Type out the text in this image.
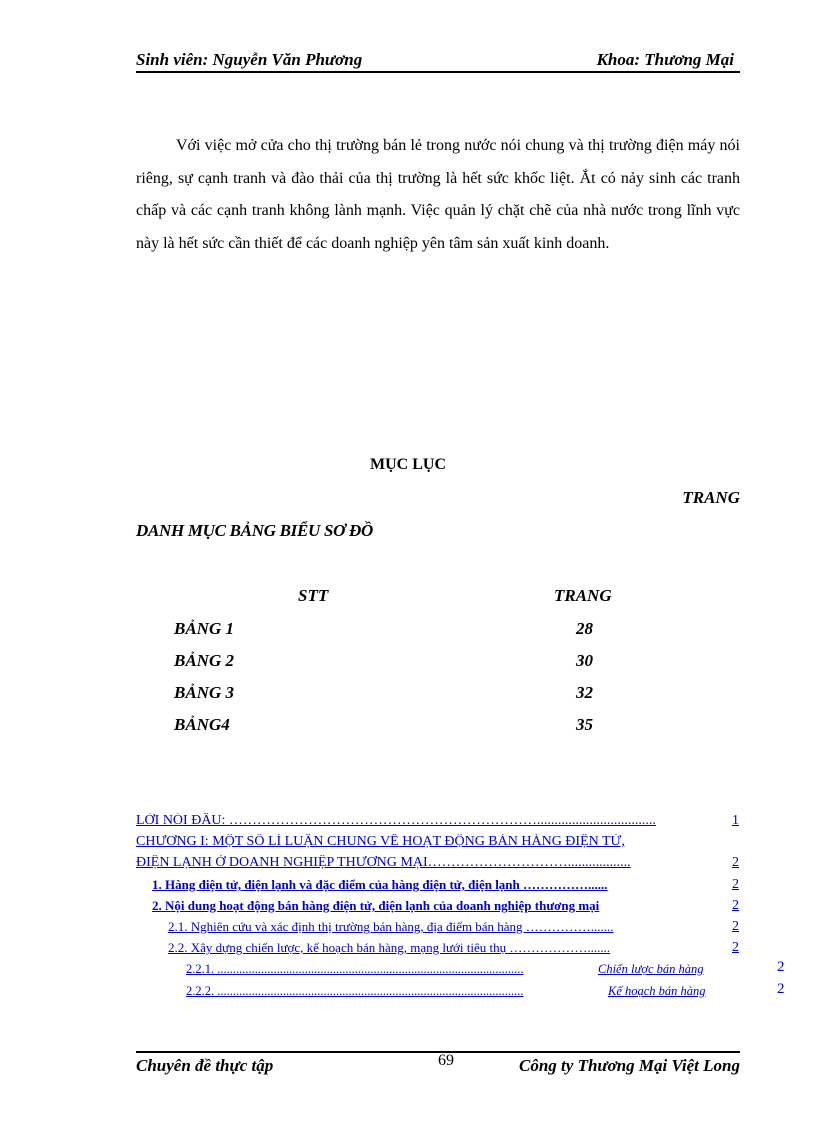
Sinh viên: Nguyễn Văn Phương	Khoa: Thương Mại
Với việc mở cửa cho thị trường bán lẻ trong nước nói chung và thị trường điện máy nói riêng, sự cạnh tranh và đào thải của thị trường là hết sức khốc liệt. Ắt có nảy sinh các tranh chấp và các cạnh tranh không lành mạnh. Việc quản lý chặt chẽ của nhà nước trong lĩnh vực này là hết sức cần thiết để các doanh nghiệp yên tâm sản xuất kinh doanh.
MỤC LỤC
TRANG
DANH MỤC BẢNG BIỂU SƠ ĐỒ
STT	TRANG
BẢNG 1	28
BẢNG 2	30
BẢNG 3	32
BẢNG4	35
LỜI NÓI ĐẦU: …………………………………………………………..................................	1
CHƯƠNG I: MỘT SỐ LÍ LUẬN CHUNG VỀ HOẠT ĐỘNG BÁN HÀNG ĐIỆN TỬ,
ĐIỆN LẠNH Ở DOANH NGHIỆP THƯƠNG MẠI…………………………..................	2
1. Hàng điện tử, điện lạnh và đặc điểm của hàng điện tử, điện lạnh ……………......	2
2. Nội dung hoạt động bán hàng điện tử, điện lạnh của doanh nghiệp thương mại	2
2.1. Nghiên cứu và xác định thị trường bán hàng, địa điểm bán hàng …………….......	2
2.2. Xây dựng chiến lược, kế hoạch bán hàng, mạng lưới tiêu thụ ……………….......	2
2.2.1. ..................................................................................................	Chiến lược bán hàng	2
2.2.2. ..................................................................................................	Kế hoạch bán hàng	2
Chuyên đề thực tập	69	Công ty Thương Mại Việt Long
